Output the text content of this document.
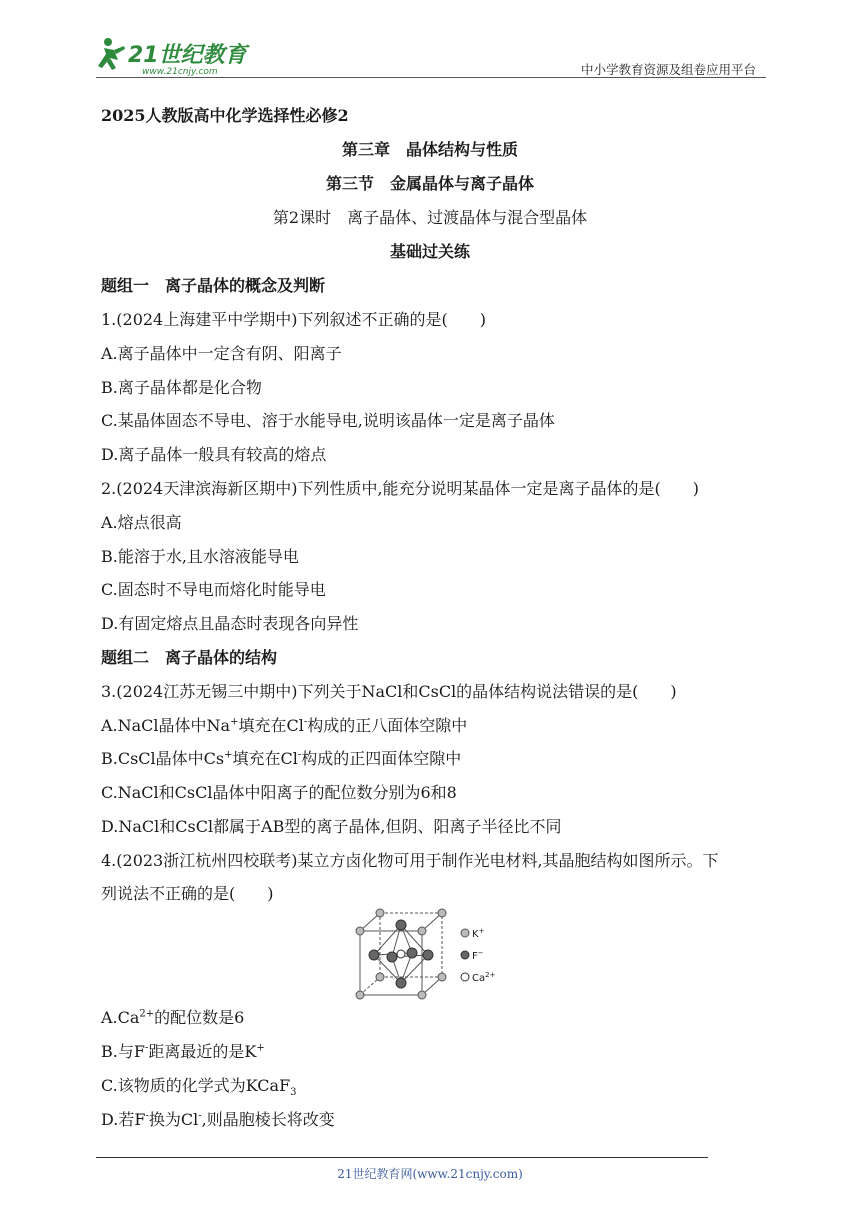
21世纪教育
www.21cnjy.com	中小学教育资源及组卷应用平台
2025人教版高中化学选择性必修2
第三章　晶体结构与性质
第三节　金属晶体与离子晶体
第2课时　离子晶体、过渡晶体与混合型晶体
基础过关练
题组一　离子晶体的概念及判断
1.(2024上海建平中学期中)下列叙述不正确的是(　　)
A.离子晶体中一定含有阴、阳离子
B.离子晶体都是化合物
C.某晶体固态不导电、溶于水能导电,说明该晶体一定是离子晶体
D.离子晶体一般具有较高的熔点
2.(2024天津滨海新区期中)下列性质中,能充分说明某晶体一定是离子晶体的是(　　)
A.熔点很高
B.能溶于水,且水溶液能导电
C.固态时不导电而熔化时能导电
D.有固定熔点且晶态时表现各向异性
题组二　离子晶体的结构
3.(2024江苏无锡三中期中)下列关于NaCl和CsCl的晶体结构说法错误的是(　　)
A.NaCl晶体中Na+填充在Cl-构成的正八面体空隙中
B.CsCl晶体中Cs+填充在Cl-构成的正四面体空隙中
C.NaCl和CsCl晶体中阳离子的配位数分别为6和8
D.NaCl和CsCl都属于AB型的离子晶体,但阴、阳离子半径比不同
4.(2023浙江杭州四校联考)某立方卤化物可用于制作光电材料,其晶胞结构如图所示。下
列说法不正确的是(　　)
K+
F−
$Ca^{2+}$
$A.Ca^{2+}$的配位数是6
B.与F-距离最近的是K+
C.该物质的化学式为KCaF$_3$
D.若F-换为Cl-,则晶胞棱长将改变
21世纪教育网(www.21cnjy.com)
